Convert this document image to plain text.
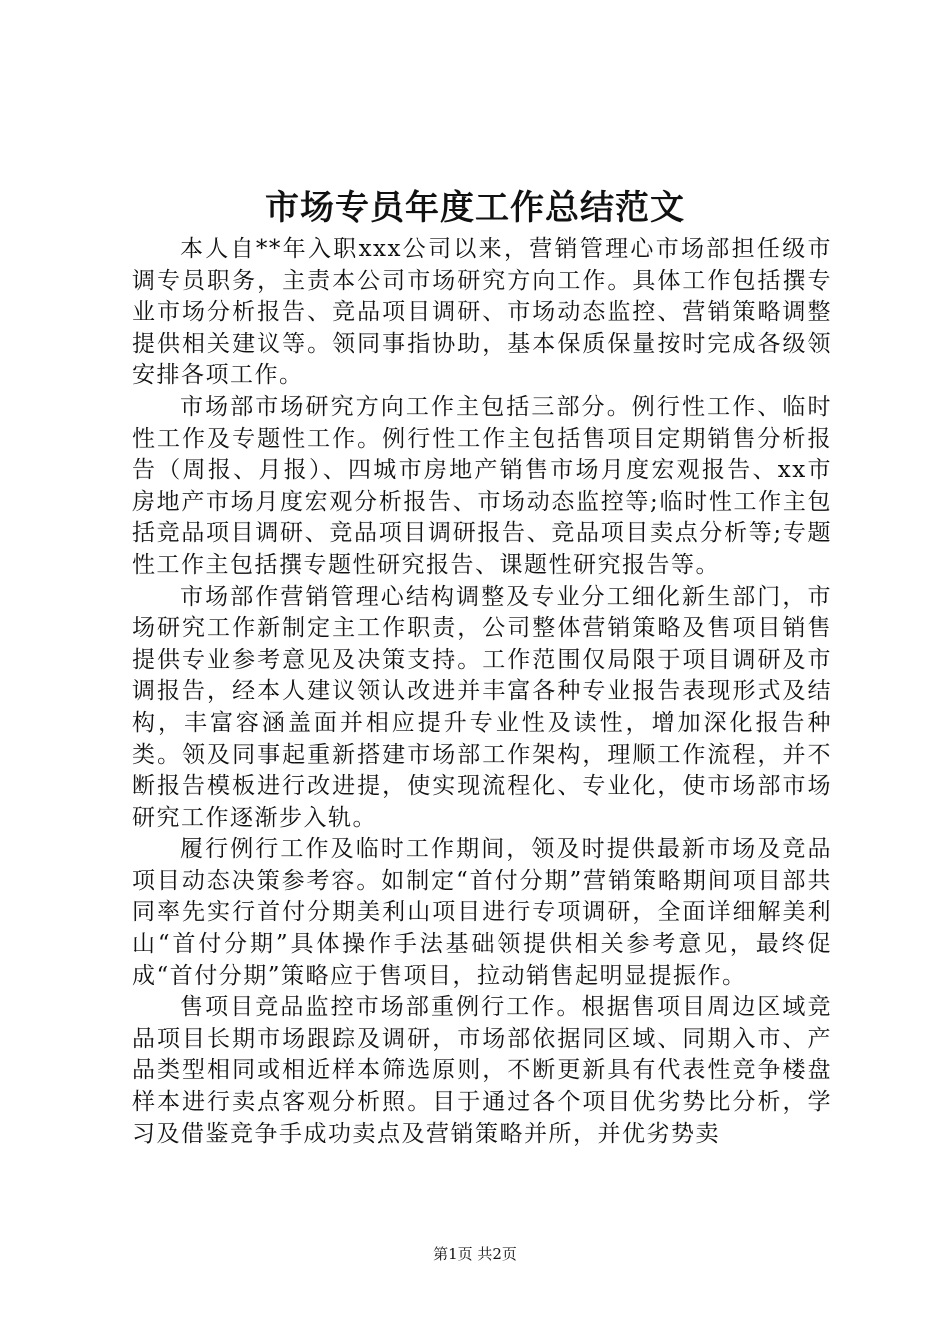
市场专员年度工作总结范文

本人自**年入职xxx公司以来，营销管理心市场部担任级市调专员职务，主责本公司市场研究方向工作。具体工作包括撰专业市场分析报告、竞品项目调研、市场动态监控、营销策略调整提供相关建议等。领同事指协助，基本保质保量按时完成各级领安排各项工作。

市场部市场研究方向工作主包括三部分。例行性工作、临时性工作及专题性工作。例行性工作主包括售项目定期销售分析报告（周报、月报）、四城市房地产销售市场月度宏观报告、xx市房地产市场月度宏观分析报告、市场动态监控等;临时性工作主包括竞品项目调研、竞品项目调研报告、竞品项目卖点分析等;专题性工作主包括撰专题性研究报告、课题性研究报告等。

市场部作营销管理心结构调整及专业分工细化新生部门，市场研究工作新制定主工作职责，公司整体营销策略及售项目销售提供专业参考意见及决策支持。工作范围仅局限于项目调研及市调报告，经本人建议领认改进并丰富各种专业报告表现形式及结构，丰富容涵盖面并相应提升专业性及读性，增加深化报告种类。领及同事起重新搭建市场部工作架构，理顺工作流程，并不断报告模板进行改进提，使实现流程化、专业化，使市场部市场研究工作逐渐步入轨。

履行例行工作及临时工作期间，领及时提供最新市场及竞品项目动态决策参考容。如制定“首付分期”营销策略期间项目部共同率先实行首付分期美利山项目进行专项调研，全面详细解美利山“首付分期”具体操作手法基础领提供相关参考意见，最终促成“首付分期”策略应于售项目，拉动销售起明显提振作。

售项目竞品监控市场部重例行工作。根据售项目周边区域竞品项目长期市场跟踪及调研，市场部依据同区域、同期入市、产品类型相同或相近样本筛选原则，不断更新具有代表性竞争楼盘样本进行卖点客观分析照。目于通过各个项目优劣势比分析，学习及借鉴竞争手成功卖点及营销策略并所，并优劣势卖

第1页 共2页
